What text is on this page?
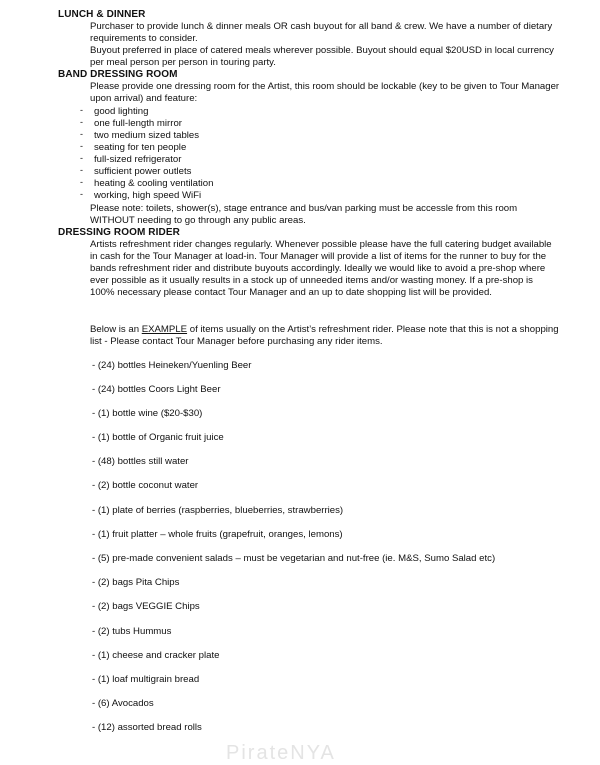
LUNCH & DINNER
Purchaser to provide lunch & dinner meals OR cash buyout for all band & crew. We have a number of dietary requirements to consider.
Buyout preferred in place of catered meals wherever possible. Buyout should equal $20USD in local currency per meal person per person in touring party.
BAND DRESSING ROOM
Please provide one dressing room for the Artist, this room should be lockable (key to be given to Tour Manager upon arrival) and feature:
- good lighting
- one full-length mirror
- two medium sized tables
- seating for ten people
- full-sized refrigerator
- sufficient power outlets
- heating & cooling ventilation
- working, high speed WiFi
Please note: toilets, shower(s), stage entrance and bus/van parking must be accessle from this room WITHOUT needing to go through any public areas.
DRESSING ROOM RIDER
Artists refreshment rider changes regularly. Whenever possible please have the full catering budget available in cash for the Tour Manager at load-in. Tour Manager will provide a list of items for the runner to buy for the bands refreshment rider and distribute buyouts accordingly. Ideally we would like to avoid a pre-shop where ever possible as it usually results in a stock up of unneeded items and/or wasting money. If a pre-shop is 100% necessary please contact Tour Manager and an up to date shopping list will be provided.
Below is an EXAMPLE of items usually on the Artist’s refreshment rider. Please note that this is not a shopping list - Please contact Tour Manager before purchasing any rider items.
- (24) bottles Heineken/Yuenling Beer
- (24) bottles Coors Light Beer
- (1) bottle wine ($20-$30)
- (1) bottle of Organic fruit juice
- (48) bottles still water
- (2) bottle coconut water
- (1) plate of berries (raspberries, blueberries, strawberries)
- (1) fruit platter – whole fruits (grapefruit, oranges, lemons)
- (5) pre-made convenient salads – must be vegetarian and nut-free (ie. M&S, Sumo Salad etc)
- (2) bags Pita Chips
- (2) bags VEGGIE Chips
- (2) tubs Hummus
- (1) cheese and cracker plate
- (1) loaf multigrain bread
- (6) Avocados
- (12) assorted bread rolls
PirateNYA
